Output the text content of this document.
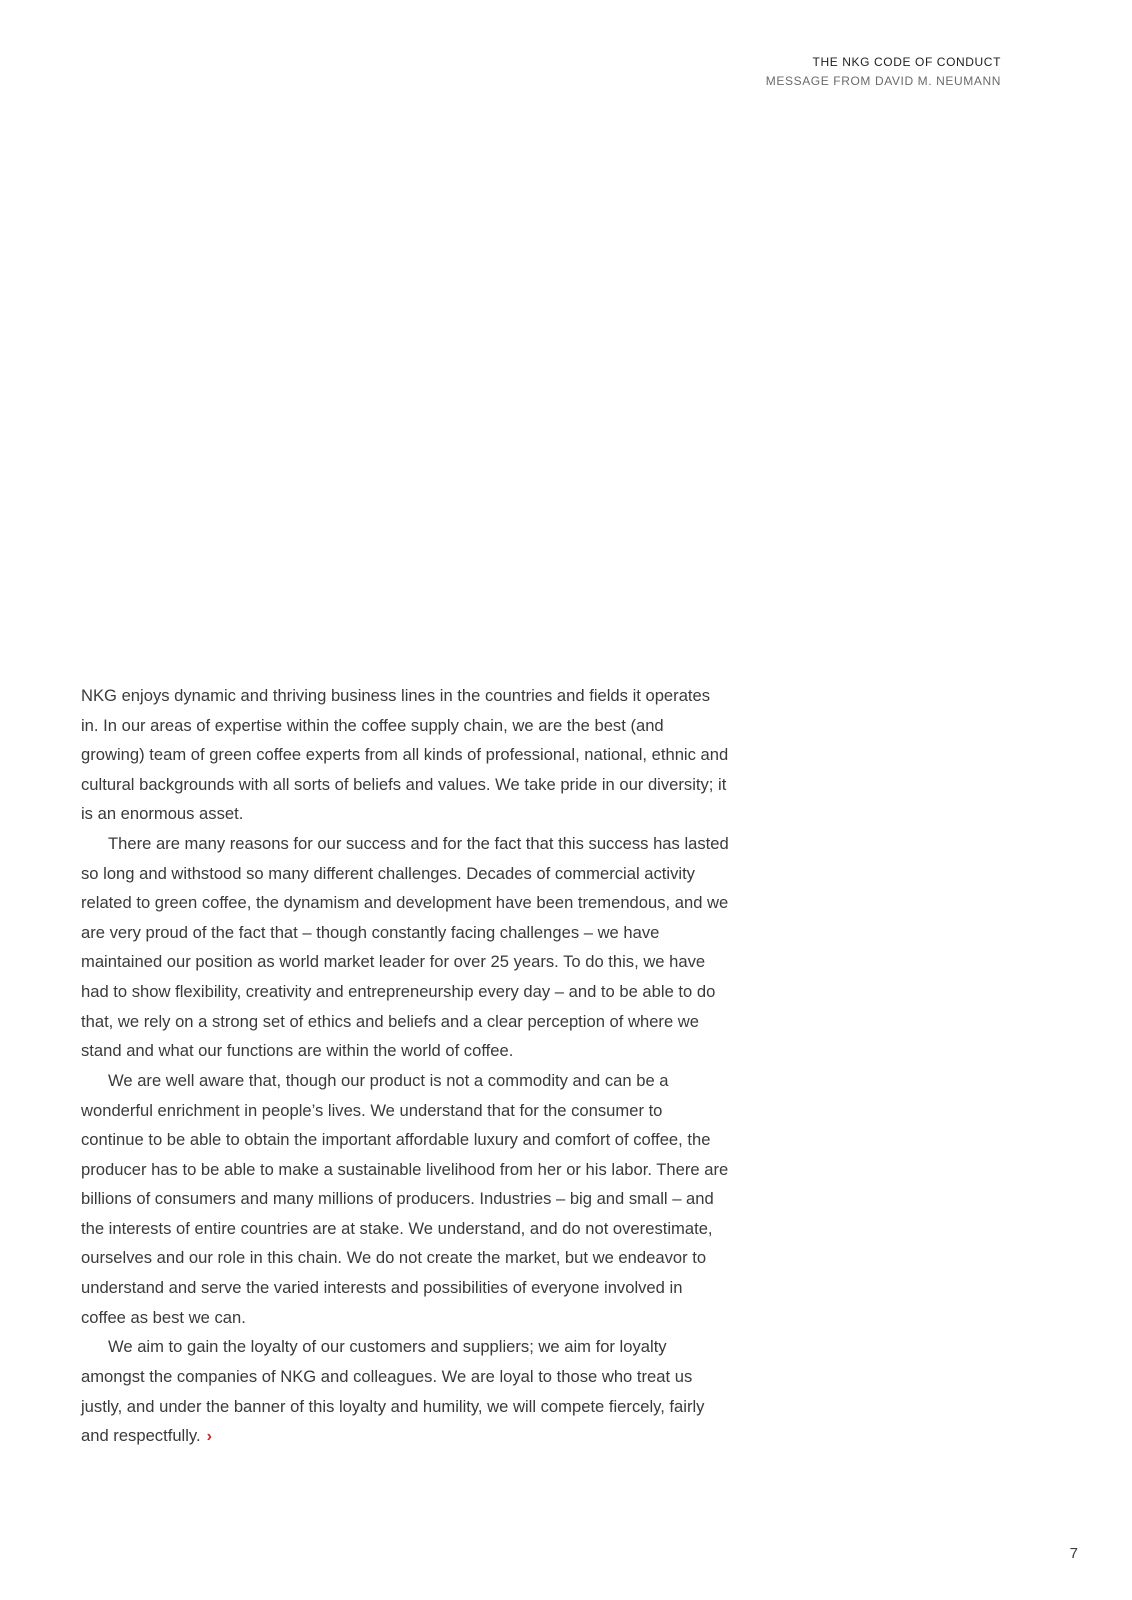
THE NKG CODE OF CONDUCT
MESSAGE FROM DAVID M. NEUMANN

NKG enjoys dynamic and thriving business lines in the countries and fields it operates in. In our areas of expertise within the coffee supply chain, we are the best (and growing) team of green coffee experts from all kinds of professional, national, ethnic and cultural backgrounds with all sorts of beliefs and values. We take pride in our diversity; it is an enormous asset.

There are many reasons for our success and for the fact that this success has lasted so long and withstood so many different challenges. Decades of commercial activity related to green coffee, the dynamism and development have been tremendous, and we are very proud of the fact that – though constantly facing challenges – we have maintained our position as world market leader for over 25 years. To do this, we have had to show flexibility, creativity and entrepreneurship every day – and to be able to do that, we rely on a strong set of ethics and beliefs and a clear perception of where we stand and what our functions are within the world of coffee.

We are well aware that, though our product is not a commodity and can be a wonderful enrichment in people’s lives. We understand that for the consumer to continue to be able to obtain the important affordable luxury and comfort of coffee, the producer has to be able to make a sustainable livelihood from her or his labor. There are billions of consumers and many millions of producers. Industries – big and small – and the interests of entire countries are at stake. We understand, and do not overestimate, ourselves and our role in this chain. We do not create the market, but we endeavor to understand and serve the varied interests and possibilities of everyone involved in coffee as best we can.

We aim to gain the loyalty of our customers and suppliers; we aim for loyalty amongst the companies of NKG and colleagues. We are loyal to those who treat us justly, and under the banner of this loyalty and humility, we will compete fiercely, fairly and respectfully. ›

7
